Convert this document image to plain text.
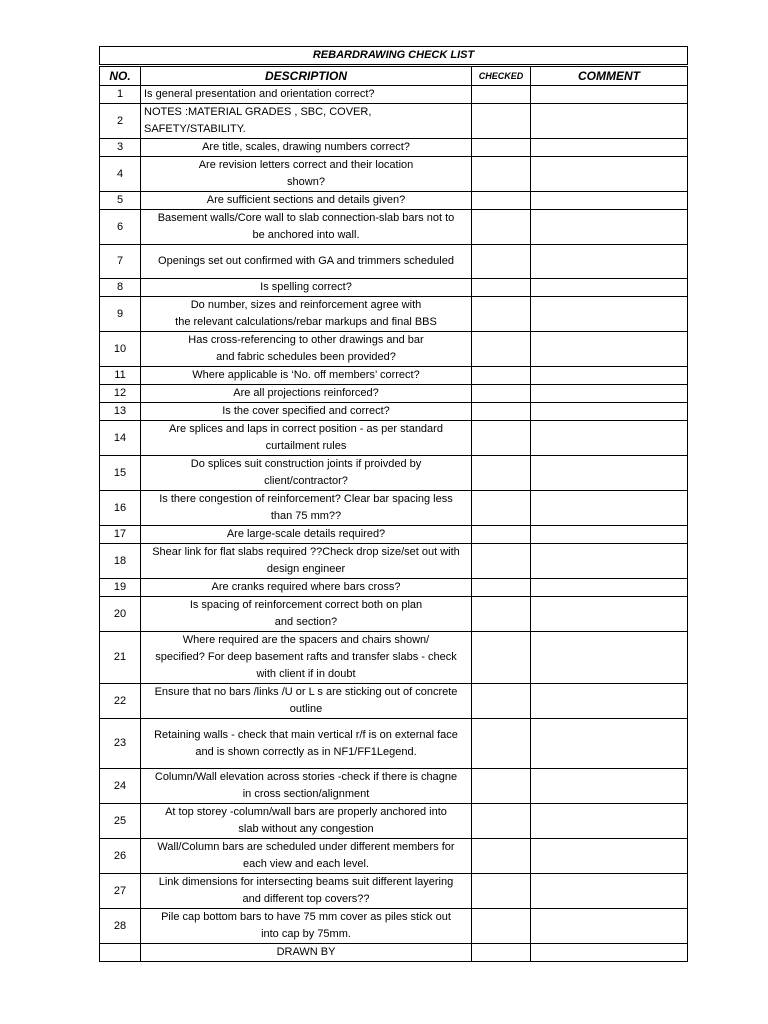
REBARDRAWING CHECK LIST			
NO.	DESCRIPTION	CHECKED	COMMENT
1	Is general presentation and orientation correct?		

2	NOTES :MATERIAL GRADES , SBC, COVER, SAFETY/STABILITY.		

3	Are title, scales, drawing numbers correct?		

4	Are revision letters correct and their location
shown?		

5	Are sufficient sections and details given?		

6	Basement walls/Core wall to slab connection-slab bars not to
be anchored into wall.		

7	Openings set out confirmed with GA and trimmers scheduled		

8	Is spelling correct?		

9	Do number, sizes and reinforcement agree with
the relevant calculations/rebar markups and final BBS		

10	Has cross-referencing to other drawings and bar
and fabric schedules been provided?		

11	Where applicable is ‘No. off members’ correct?		

12	Are all projections reinforced?		

13	Is the cover specified and correct?		

14	Are splices and laps in correct position - as per standard
curtailment rules		

15	Do splices suit construction joints if proivded by
client/contractor?		

16	Is there congestion of reinforcement? Clear bar spacing less
than 75 mm??		

17	Are large-scale details required?		

18	Shear link for flat slabs required ??Check drop size/set out with
design engineer		

19	Are cranks required where bars cross?		

20	Is spacing of reinforcement correct both on plan
and section?		

21	Where required are the spacers and chairs shown/
specified? For deep basement rafts and transfer slabs - check
with client if in doubt		

22	Ensure that no bars /links /U or L s are sticking out of concrete
outline		

23	Retaining walls - check that main vertical r/f is on external face
and is shown correctly as in NF1/FF1Legend.		

24	Column/Wall elevation across stories -check if there is chagne
in cross section/alignment		

25	At top storey -column/wall bars are properly anchored into
slab without any congestion		

26	Wall/Column bars are scheduled under different members for
each view and each level.		

27	Link dimensions for intersecting beams suit different layering
and different top covers??		

28	Pile cap bottom bars to have 75 mm cover as piles stick out
into cap by 75mm.		

	DRAWN BY		
